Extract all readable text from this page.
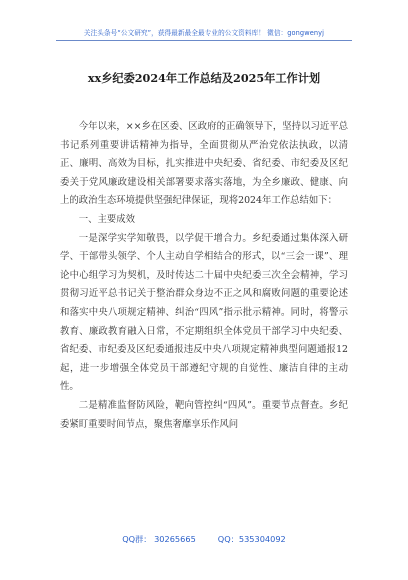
关注头条号“公文研究”，获得最新最全最专业的公文资料库！ 微信：gongwenyj
xx乡纪委2024年工作总结及2025年工作计划

今年以来，××乡在区委、区政府的正确领导下，坚持以习近平总书记系列重要讲话精神为指导，全面贯彻从严治党依法执政，以清正、廉明、高效为目标，扎实推进中央纪委、省纪委、市纪委及区纪委关于党风廉政建设相关部署要求落实落地，为全乡廉政、健康、向上的政治生态环境提供坚强纪律保证，现将2024年工作总结如下：

一、主要成效

一是深学实学知敬畏，以学促干增合力。乡纪委通过集体深入研学、干部带头领学、个人主动自学相结合的形式，以“三会一课”、理论中心组学习为契机，及时传达二十届中央纪委三次全会精神，学习贯彻习近平总书记关于整治群众身边不正之风和腐败问题的重要论述和落实中央八项规定精神、纠治“四风”指示批示精神。同时，将警示教育、廉政教育融入日常，不定期组织全体党员干部学习中央纪委、省纪委、市纪委及区纪委通报违反中央八项规定精神典型问题通报12起，进一步增强全体党员干部遵纪守规的自觉性、廉洁自律的主动性。

二是精准监督防风险，靶向管控纠“四风”。重要节点督查。乡纪委紧盯重要时间节点，聚焦奢靡享乐作风问

QQ群： 30265665	QQ：535304092
